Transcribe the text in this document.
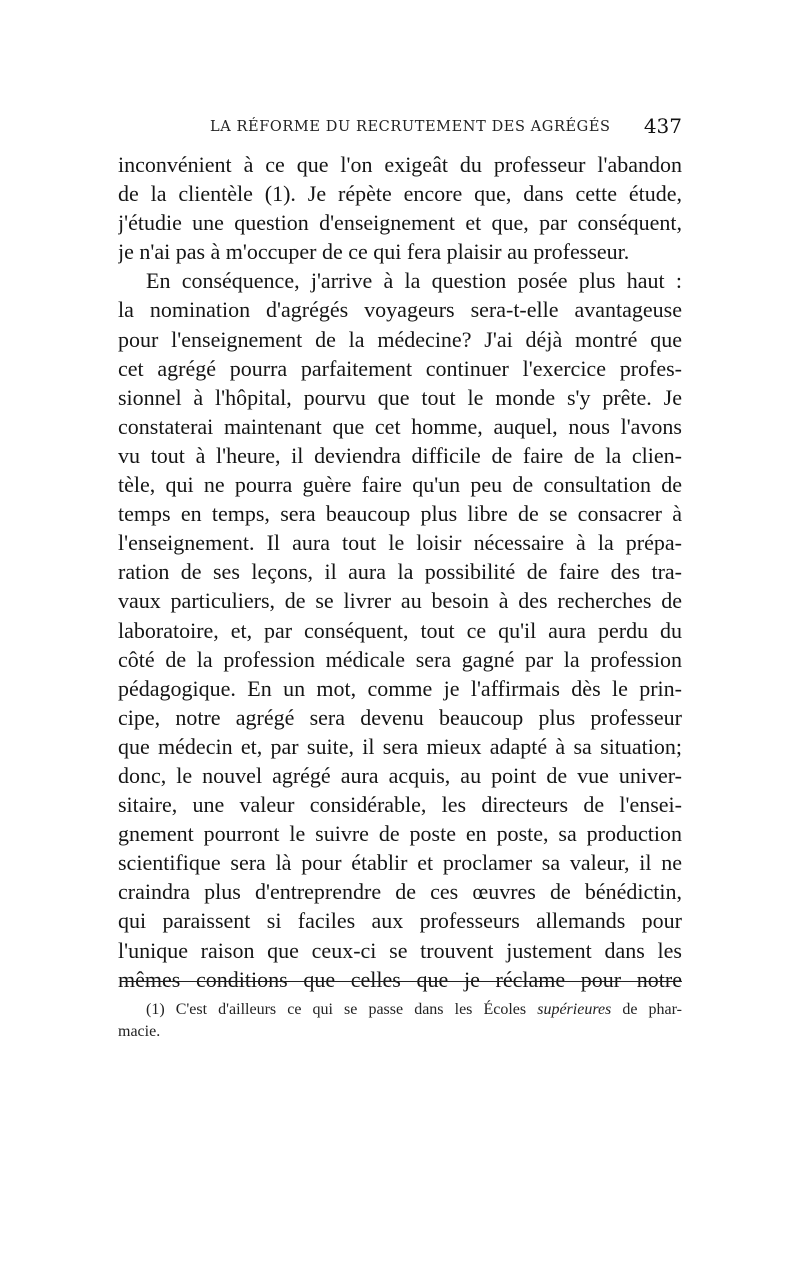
LA RÉFORME DU RECRUTEMENT DES AGRÉGÉS 437
inconvénient à ce que l'on exigeât du professeur l'abandon
de la clientèle (1). Je répète encore que, dans cette étude,
j'étudie une question d'enseignement et que, par conséquent,
je n'ai pas à m'occuper de ce qui fera plaisir au professeur.
En conséquence, j'arrive à la question posée plus haut :
la nomination d'agrégés voyageurs sera-t-elle avantageuse
pour l'enseignement de la médecine? J'ai déjà montré que
cet agrégé pourra parfaitement continuer l'exercice profes-
sionnel à l'hôpital, pourvu que tout le monde s'y prête. Je
constaterai maintenant que cet homme, auquel, nous l'avons
vu tout à l'heure, il deviendra difficile de faire de la clien-
tèle, qui ne pourra guère faire qu'un peu de consultation de
temps en temps, sera beaucoup plus libre de se consacrer à
l'enseignement. Il aura tout le loisir nécessaire à la prépa-
ration de ses leçons, il aura la possibilité de faire des tra-
vaux particuliers, de se livrer au besoin à des recherches de
laboratoire, et, par conséquent, tout ce qu'il aura perdu du
côté de la profession médicale sera gagné par la profession
pédagogique. En un mot, comme je l'affirmais dès le prin-
cipe, notre agrégé sera devenu beaucoup plus professeur
que médecin et, par suite, il sera mieux adapté à sa situation;
donc, le nouvel agrégé aura acquis, au point de vue univer-
sitaire, une valeur considérable, les directeurs de l'ensei-
gnement pourront le suivre de poste en poste, sa production
scientifique sera là pour établir et proclamer sa valeur, il ne
craindra plus d'entreprendre de ces œuvres de bénédictin,
qui paraissent si faciles aux professeurs allemands pour
l'unique raison que ceux-ci se trouvent justement dans les
mêmes conditions que celles que je réclame pour notre
(1) C'est d'ailleurs ce qui se passe dans les Écoles supérieures de phar-
macie.
